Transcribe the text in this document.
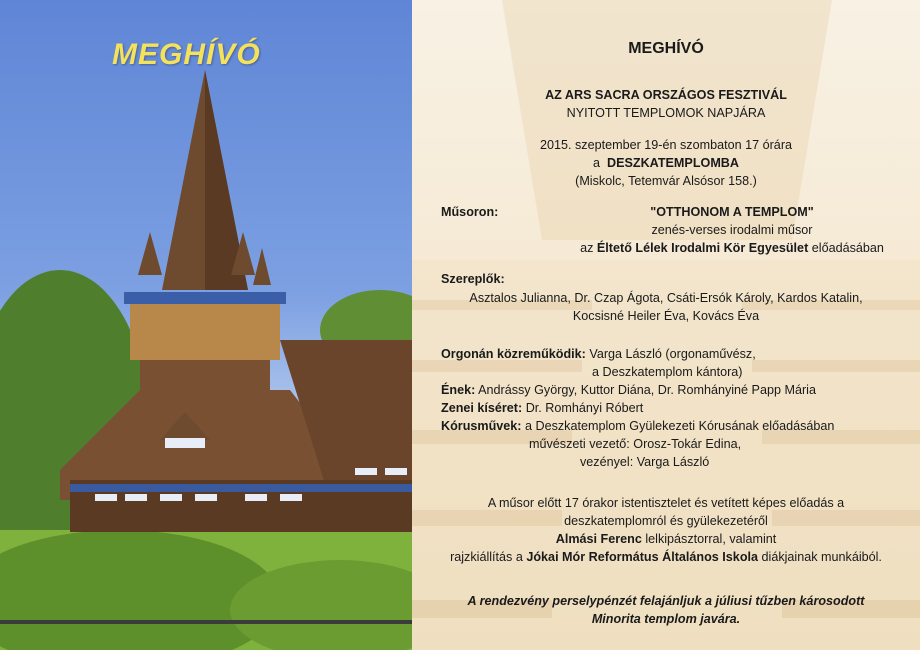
MEGHÍVÓ	MEGHÍVÓ
AZ ARS SACRA ORSZÁGOS FESZTIVÁL
NYITOTT TEMPLOMOK NAPJÁRA
2015. szeptember 19-én szombaton 17 órára
a DESZKATEMPLOMBA
(Miskolc, Tetemvár Alsósor 158.)
Műsoron:	"OTTHONOM A TEMPLOM"
zenés-verses irodalmi műsor
az Éltető Lélek Irodalmi Kör Egyesület előadásában
Szereplők:
Asztalos Julianna, Dr. Czap Ágota, Csáti-Ersók Károly, Kardos Katalin,
Kocsisné Heiler Éva, Kovács Éva
Orgonán közreműködik: Varga László (orgonaművész,
a Deszkatemplom kántora)
Ének: Andrássy György, Kuttor Diána, Dr. Romhányiné Papp Mária
Zenei kíséret: Dr. Romhányi Róbert
Kórusművek: a Deszkatemplom Gyülekezeti Kórusának előadásában
művészeti vezető: Orosz-Tokár Edina,
vezényel: Varga László
A műsor előtt 17 órakor istentisztelet és vetített képes előadás a
deszkatemplomról és gyülekezetéről
Almási Ferenc lelkipásztorral, valamint
rajzkiállítás a Jókai Mór Református Általános Iskola diákjainak munkáiból.
A rendezvény perselypénzét felajánljuk a júliusi tűzben károsodott
Minorita templom javára.
